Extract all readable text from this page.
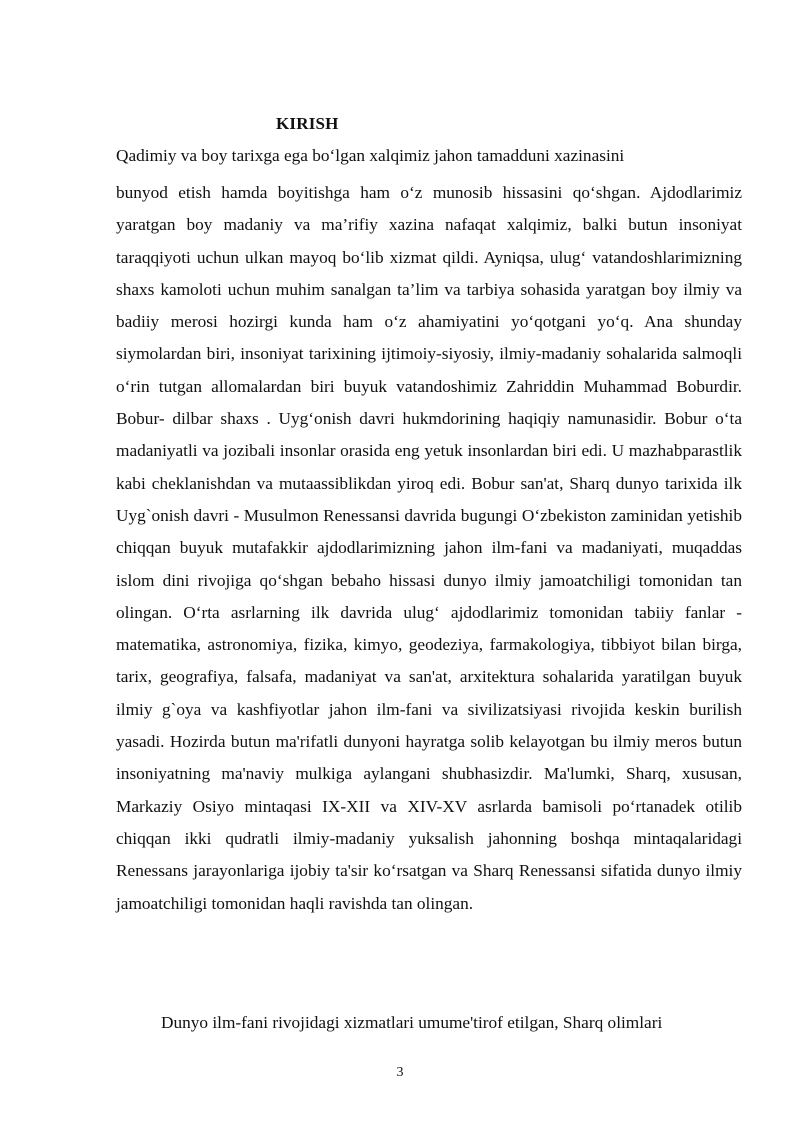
KIRISH
Qadimiy va boy tarixga ega bo‘lgan xalqimiz jahon tamadduni xazinasini
bunyod etish hamda boyitishga ham o‘z munosib hissasini qo‘shgan. Ajdodlarimiz yaratgan boy madaniy va ma’rifiy xazina nafaqat xalqimiz, balki butun insoniyat taraqqiyoti uchun ulkan mayoq bo‘lib xizmat qildi. Ayniqsa, ulug‘ vatandoshlarimizning shaxs kamoloti uchun muhim sanalgan ta’lim va tarbiya sohasida yaratgan boy ilmiy va badiiy merosi hozirgi kunda ham o‘z ahamiyatini yo‘qotgani yo‘q. Ana shunday siymolardan biri, insoniyat tarixining ijtimoiy-siyosiy, ilmiy-madaniy sohalarida salmoqli o‘rin tutgan allomalardan biri buyuk vatandoshimiz Zahriddin Muhammad Boburdir. Bobur- dilbar shaxs . Uyg‘onish davri hukmdorining haqiqiy namunasidir. Bobur o‘ta madaniyatli va jozibali insonlar orasida eng yetuk insonlardan biri edi. U mazhabparastlik kabi cheklanishdan va mutaassiblikdan yiroq edi. Bobur san'at, Sharq dunyo tarixida ilk Uyg`onish davri - Musulmon Renessansi davrida bugungi O‘zbekiston zaminidan yetishib chiqqan buyuk mutafakkir ajdodlarimizning jahon ilm-fani va madaniyati, muqaddas islom dini rivojiga qo‘shgan bebaho hissasi dunyo ilmiy jamoatchiligi tomonidan tan olingan. O‘rta asrlarning ilk davrida ulug‘ ajdodlarimiz tomonidan tabiiy fanlar - matematika, astronomiya, fizika, kimyo, geodeziya, farmakologiya, tibbiyot bilan birga, tarix, geografiya, falsafa, madaniyat va san'at, arxitektura sohalarida yaratilgan buyuk ilmiy g`oya va kashfiyotlar jahon ilm-fani va sivilizatsiyasi rivojida keskin burilish yasadi. Hozirda butun ma'rifatli dunyoni hayratga solib kelayotgan bu ilmiy meros butun insoniyatning ma'naviy mulkiga aylangani shubhasizdir. Ma'lumki, Sharq, xususan, Markaziy Osiyo mintaqasi IX-XII va XIV-XV asrlarda bamisoli po‘rtanadek otilib chiqqan ikki qudratli ilmiy-madaniy yuksalish jahonning boshqa mintaqalaridagi Renessans jarayonlariga ijobiy ta'sir ko‘rsatgan va Sharq Renessansi sifatida dunyo ilmiy jamoatchiligi tomonidan haqli ravishda tan olingan.
Dunyo ilm-fani rivojidagi xizmatlari umume'tirof etilgan, Sharq olimlari
3
